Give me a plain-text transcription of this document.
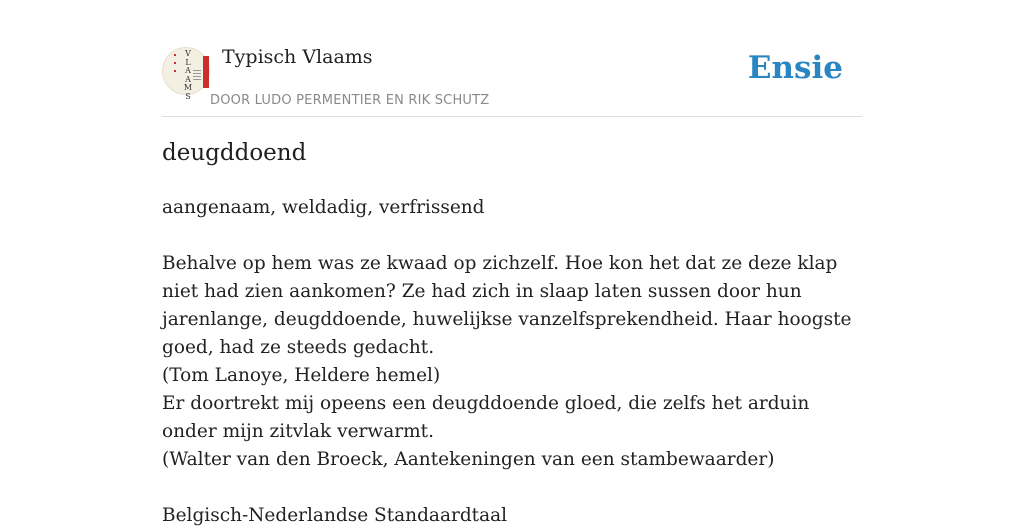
V
L
A
A
M
S
Typisch Vlaams
DOOR LUDO PERMENTIER EN RIK SCHUTZ
Ensie
deugddoend

aangenaam, weldadig, verfrissend

Behalve op hem was ze kwaad op zichzelf. Hoe kon het dat ze deze klap niet had zien aankomen? Ze had zich in slaap laten sussen door hun jarenlange, deugddoende, huwelijkse vanzelfsprekendheid. Haar hoogste goed, had ze steeds gedacht.

(Tom Lanoye, Heldere hemel)

Er doortrekt mij opeens een deugddoende gloed, die zelfs het arduin onder mijn zitvlak verwarmt.

(Walter van den Broeck, Aantekeningen van een stambewaarder)

Belgisch-Nederlandse Standaardtaal
